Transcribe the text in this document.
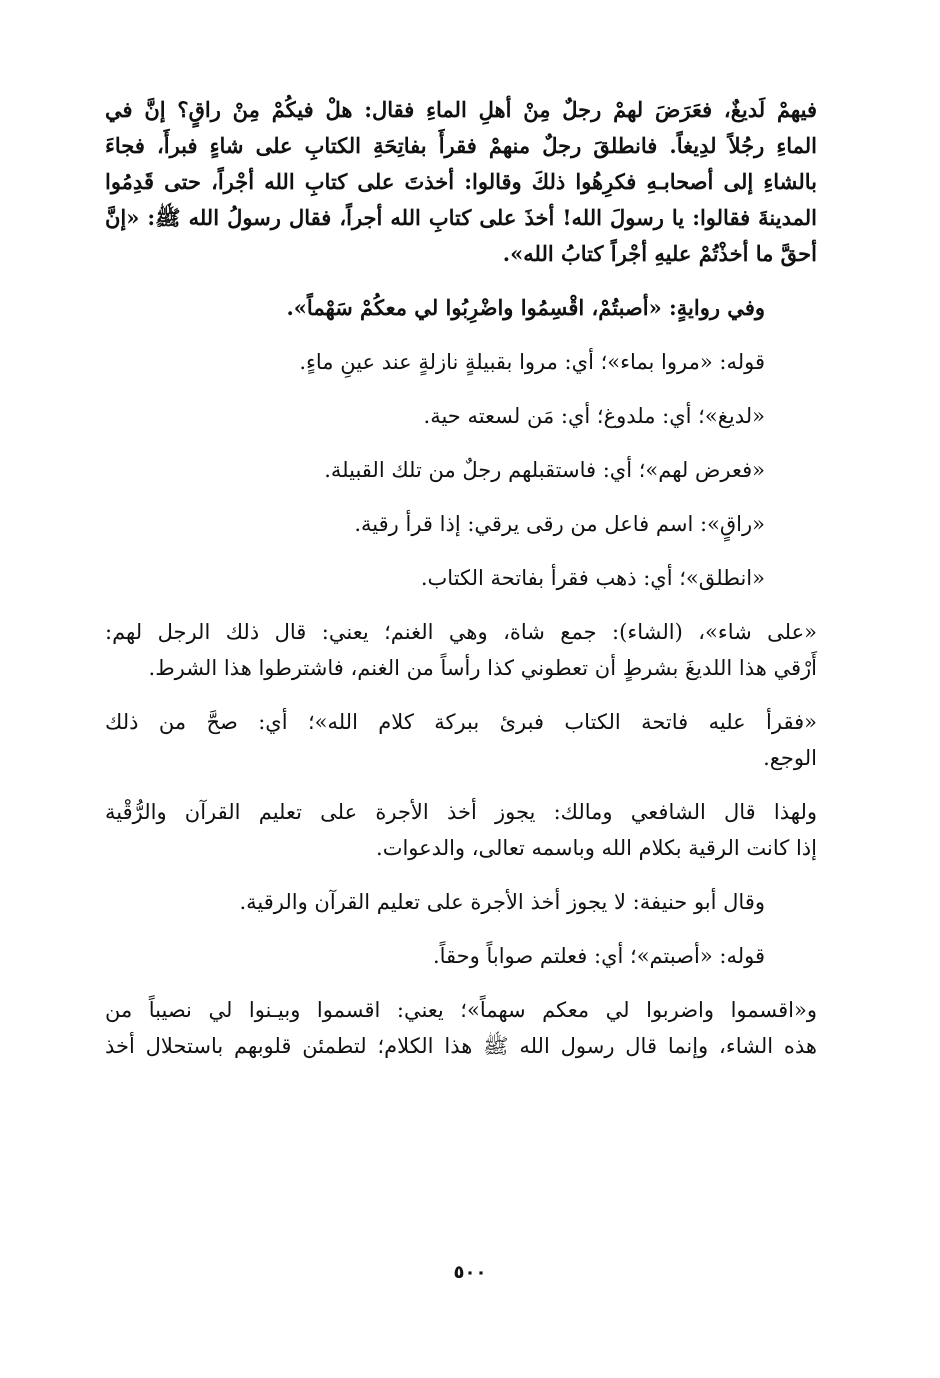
فيهمْ لَديغٌ، فعَرَضَ لهمْ رجلٌ مِنْ أهلِ الماءِ فقال: هلْ فيكُمْ مِنْ راقٍ؟ إنَّ في
الماءِ رجُلاً لدِيغاً. فانطلقَ رجلٌ منهمْ فقرأَ بفاتِحَةِ الكتابِ على شاءٍ فبرأَ، فجاءَ
بالشاءِ إلى أصحابـهِ فكرِهُوا ذلكَ وقالوا: أخذتَ على كتابِ الله أجْراً، حتى قَدِمُوا
المدينةَ فقالوا: يا رسولَ الله! أخذَ على كتابِ الله أجراً، فقال رسولُ الله ﷺ: «إنَّ
أحقَّ ما أخذْتُمْ عليهِ أجْراً كتابُ الله».
وفي روايةٍ: «أصبتُمْ، اقْسِمُوا واضْرِبُوا لي معكُمْ سَهْماً».
قوله: «مروا بماء»؛ أي: مروا بقبيلةٍ نازلةٍ عند عينِ ماءٍ.
«لديغ»؛ أي: ملدوغ؛ أي: مَن لسعته حية.
«فعرض لهم»؛ أي: فاستقبلهم رجلٌ من تلك القبيلة.
«راقٍ»: اسم فاعل من رقى يرقي: إذا قرأ رقية.
«انطلق»؛ أي: ذهب فقرأ بفاتحة الكتاب.
«على شاء»، (الشاء): جمع شاة، وهي الغنم؛ يعني: قال ذلك الرجل لهم:
أَرْقي هذا اللديغَ بشرطٍ أن تعطوني كذا رأساً من الغنم، فاشترطوا هذا الشرط.
«فقرأ عليه فاتحة الكتاب فبرئ ببركة كلام الله»؛ أي: صحَّ من ذلك
الوجع.
ولهذا قال الشافعي ومالك: يجوز أخذ الأجرة على تعليم القرآن والرُّقْية
إذا كانت الرقية بكلام الله وباسمه تعالى، والدعوات.
وقال أبو حنيفة: لا يجوز أخذ الأجرة على تعليم القرآن والرقية.
قوله: «أصبتم»؛ أي: فعلتم صواباً وحقاً.
و«اقسموا واضربوا لي معكم سهماً»؛ يعني: اقسموا وبيـنوا لي نصيباً من
هذه الشاء، وإنما قال رسول الله ﷺ هذا الكلام؛ لتطمئن قلوبهم باستحلال أخذ
٥٠٠
